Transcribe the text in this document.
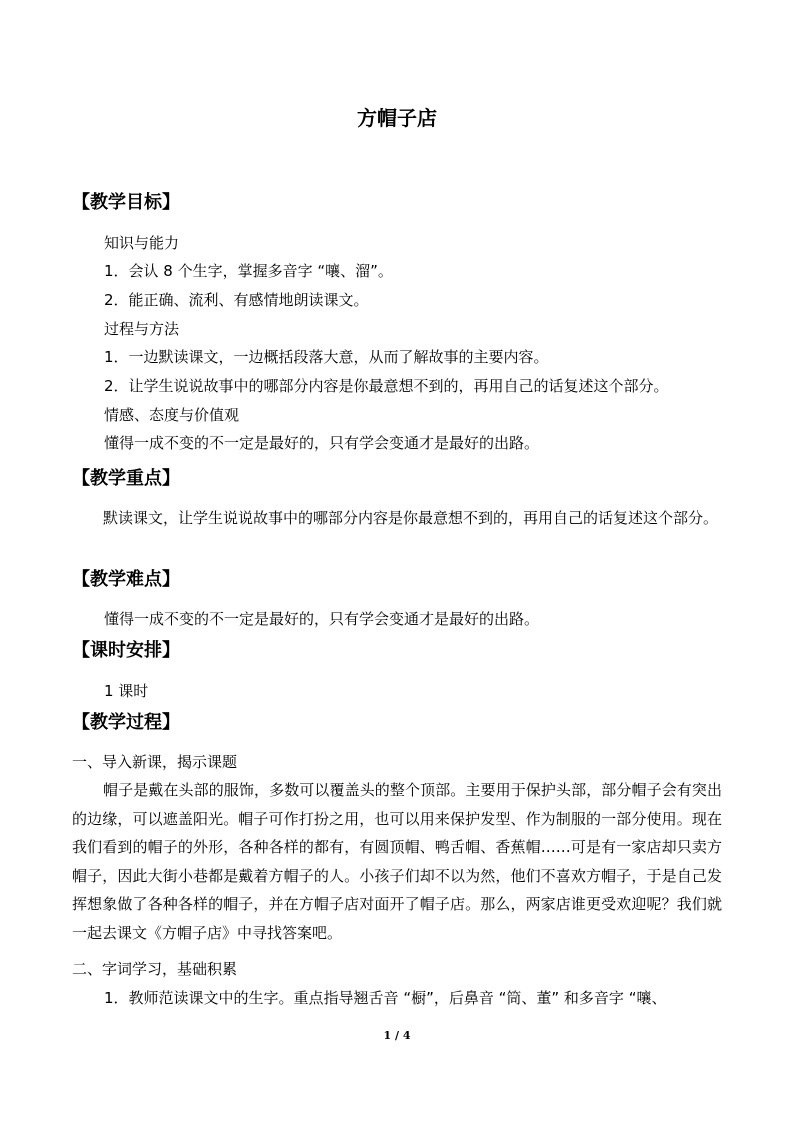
方帽子店
【教学目标】
知识与能力
1．会认 8 个生字，掌握多音字 “嚷、溜”。
2．能正确、流利、有感情地朗读课文。
过程与方法
1．一边默读课文，一边概括段落大意，从而了解故事的主要内容。
2．让学生说说故事中的哪部分内容是你最意想不到的，再用自己的话复述这个部分。
情感、态度与价值观
懂得一成不变的不一定是最好的，只有学会变通才是最好的出路。
【教学重点】
默读课文，让学生说说故事中的哪部分内容是你最意想不到的，再用自己的话复述这个部分。
【教学难点】
懂得一成不变的不一定是最好的，只有学会变通才是最好的出路。
【课时安排】
1 课时
【教学过程】
一、导入新课，揭示课题
帽子是戴在头部的服饰，多数可以覆盖头的整个顶部。主要用于保护头部，部分帽子会有突出的边缘，可以遮盖阳光。帽子可作打扮之用，也可以用来保护发型、作为制服的一部分使用。现在我们看到的帽子的外形，各种各样的都有，有圆顶帽、鸭舌帽、香蕉帽……可是有一家店却只卖方帽子，因此大街小巷都是戴着方帽子的人。小孩子们却不以为然，他们不喜欢方帽子，于是自己发挥想象做了各种各样的帽子，并在方帽子店对面开了帽子店。那么，两家店谁更受欢迎呢？我们就一起去课文《方帽子店》中寻找答案吧。
二、字词学习，基础积累
1．教师范读课文中的生字。重点指导翘舌音 “橱”，后鼻音 “筒、董” 和多音字 “嚷、
1 / 4
